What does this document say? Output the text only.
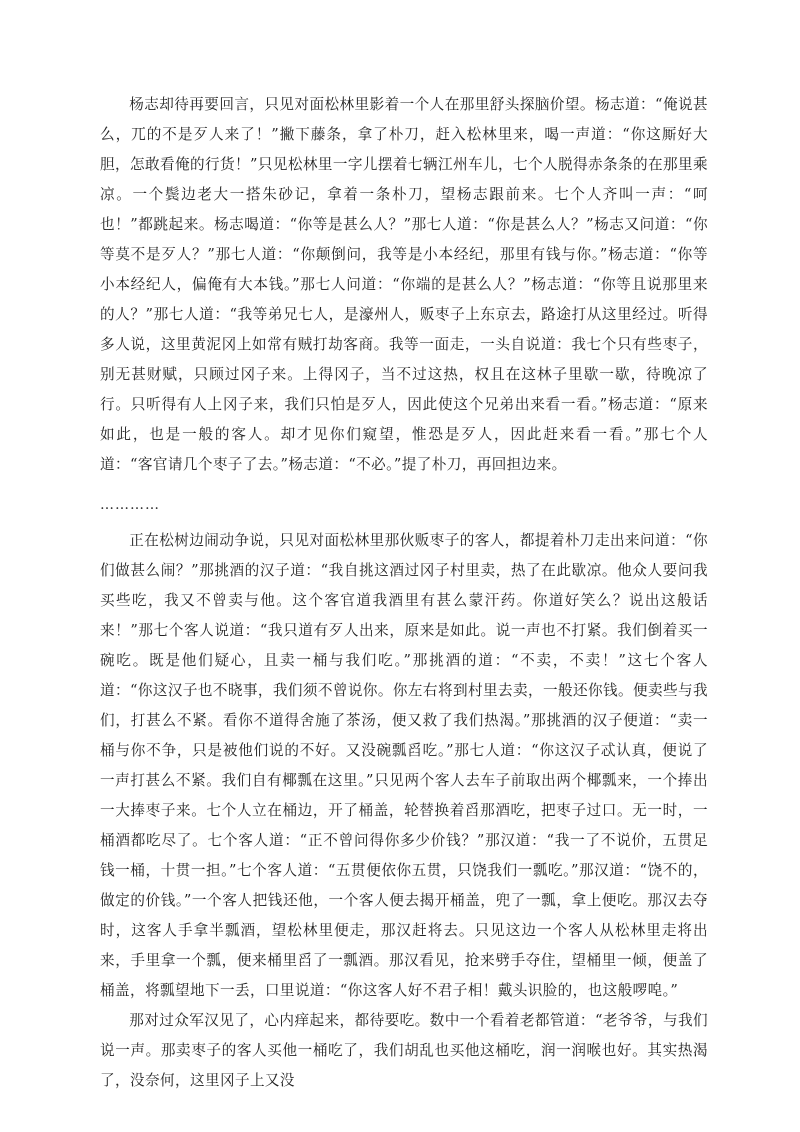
杨志却待再要回言，只见对面松林里影着一个人在那里舒头探脑价望。杨志道：“俺说甚么，兀的不是歹人来了！”撇下藤条，拿了朴刀，赶入松林里来，喝一声道：“你这厮好大胆，怎敢看俺的行货！”只见松林里一字儿摆着七辆江州车儿，七个人脱得赤条条的在那里乘凉。一个鬓边老大一搭朱砂记，拿着一条朴刀，望杨志跟前来。七个人齐叫一声：“呵也！”都跳起来。杨志喝道：“你等是甚么人？”那七人道：“你是甚么人？”杨志又问道：“你等莫不是歹人？”那七人道：“你颠倒问，我等是小本经纪，那里有钱与你。”杨志道：“你等小本经纪人，偏俺有大本钱。”那七人问道：“你端的是甚么人？”杨志道：“你等且说那里来的人？”那七人道：“我等弟兄七人，是濠州人，贩枣子上东京去，路途打从这里经过。听得多人说，这里黄泥冈上如常有贼打劫客商。我等一面走，一头自说道：我七个只有些枣子，别无甚财赋，只顾过冈子来。上得冈子，当不过这热，权且在这林子里歇一歇，待晚凉了行。只听得有人上冈子来，我们只怕是歹人，因此使这个兄弟出来看一看。”杨志道：“原来如此，也是一般的客人。却才见你们窥望，惟恐是歹人，因此赶来看一看。”那七个人道：“客官请几个枣子了去。”杨志道：“不必。”提了朴刀，再回担边来。

…………

正在松树边闹动争说，只见对面松林里那伙贩枣子的客人，都提着朴刀走出来问道：“你们做甚么闹？”那挑酒的汉子道：“我自挑这酒过冈子村里卖，热了在此歇凉。他众人要问我买些吃，我又不曾卖与他。这个客官道我酒里有甚么蒙汗药。你道好笑么？说出这般话来！”那七个客人说道：“我只道有歹人出来，原来是如此。说一声也不打紧。我们倒着买一碗吃。既是他们疑心，且卖一桶与我们吃。”那挑酒的道：“不卖，不卖！”这七个客人道：“你这汉子也不晓事，我们须不曾说你。你左右将到村里去卖，一般还你钱。便卖些与我们，打甚么不紧。看你不道得舍施了茶汤，便又救了我们热渴。”那挑酒的汉子便道：“卖一桶与你不争，只是被他们说的不好。又没碗瓢舀吃。”那七人道：“你这汉子忒认真，便说了一声打甚么不紧。我们自有椰瓢在这里。”只见两个客人去车子前取出两个椰瓢来，一个捧出一大捧枣子来。七个人立在桶边，开了桶盖，轮替换着舀那酒吃，把枣子过口。无一时，一桶酒都吃尽了。七个客人道：“正不曾问得你多少价钱？”那汉道：“我一了不说价，五贯足钱一桶，十贯一担。”七个客人道：“五贯便依你五贯，只饶我们一瓢吃。”那汉道：“饶不的，做定的价钱。”一个客人把钱还他，一个客人便去揭开桶盖，兜了一瓢，拿上便吃。那汉去夺时，这客人手拿半瓢酒，望松林里便走，那汉赶将去。只见这边一个客人从松林里走将出来，手里拿一个瓢，便来桶里舀了一瓢酒。那汉看见，抢来劈手夺住，望桶里一倾，便盖了桶盖，将瓢望地下一丢，口里说道：“你这客人好不君子相！戴头识脸的，也这般啰唣。”

那对过众军汉见了，心内痒起来，都待要吃。数中一个看着老都管道：“老爷爷，与我们说一声。那卖枣子的客人买他一桶吃了，我们胡乱也买他这桶吃，润一润喉也好。其实热渴了，没奈何，这里冈子上又没
